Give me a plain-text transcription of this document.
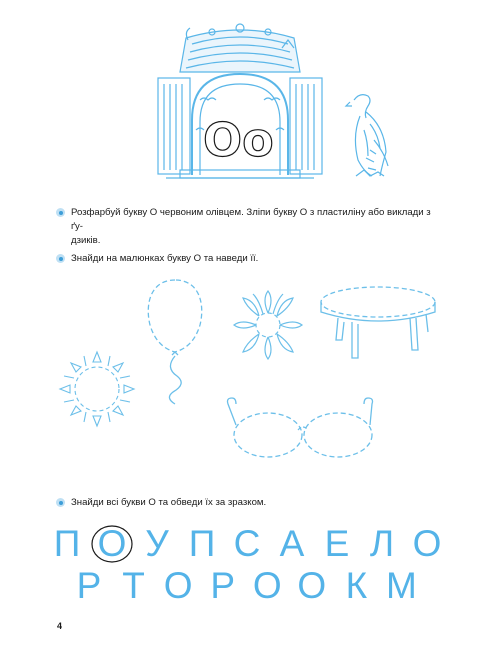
Oo
Розфарбуй букву О червоним олівцем. Зліпи букву О з пластиліну або виклади з ґу-
дзиків.
Знайди на малюнках букву О та наведи її.
Знайди всі букви О та обведи їх за зразком.
П О У П С А Е Л О
Р Т О Р О О К М
4
